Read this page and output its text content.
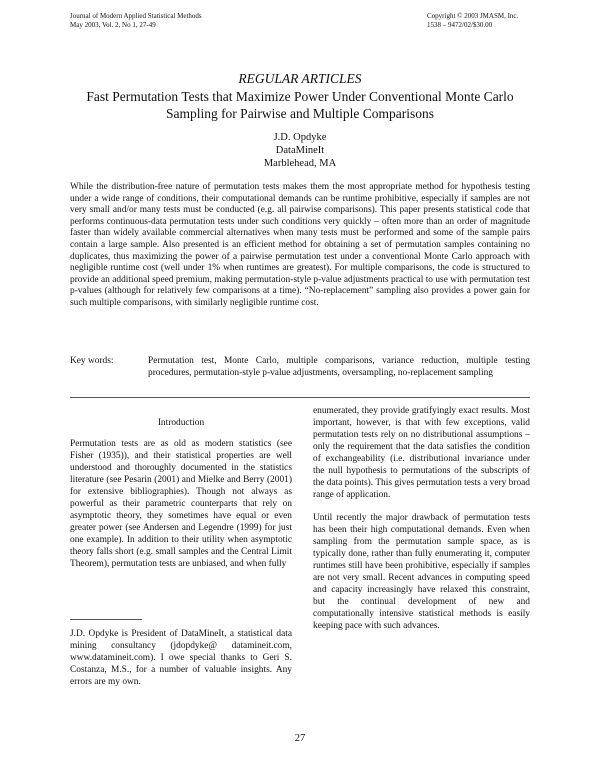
Journal of Modern Applied Statistical Methods
May 2003, Vol. 2, No 1, 27-49
Copyright © 2003 JMASM, Inc.
1538 – 9472/02/$30.00
REGULAR ARTICLES
Fast Permutation Tests that Maximize Power Under Conventional Monte Carlo
Sampling for Pairwise and Multiple Comparisons
J.D. Opdyke
DataMineIt
Marblehead, MA
While the distribution-free nature of permutation tests makes them the most appropriate method for hypothesis testing under a wide range of conditions, their computational demands can be runtime prohibitive, especially if samples are not very small and/or many tests must be conducted (e.g. all pairwise comparisons). This paper presents statistical code that performs continuous-data permutation tests under such conditions very quickly – often more than an order of magnitude faster than widely available commercial alternatives when many tests must be performed and some of the sample pairs contain a large sample. Also presented is an efficient method for obtaining a set of permutation samples containing no duplicates, thus maximizing the power of a pairwise permutation test under a conventional Monte Carlo approach with negligible runtime cost (well under 1% when runtimes are greatest). For multiple comparisons, the code is structured to provide an additional speed premium, making permutation-style p-value adjustments practical to use with permutation test p-values (although for relatively few comparisons at a time). “No-replacement” sampling also provides a power gain for such multiple comparisons, with similarly negligible runtime cost.
Key words:	Permutation test, Monte Carlo, multiple comparisons, variance reduction, multiple testing procedures, permutation-style p-value adjustments, oversampling, no-replacement sampling

Introduction

Permutation tests are as old as modern statistics (see Fisher (1935)), and their statistical properties are well understood and thoroughly documented in the statistics literature (see Pesarin (2001) and Mielke and Berry (2001) for extensive bibliographies). Though not always as powerful as their parametric counterparts that rely on asymptotic theory, they sometimes have equal or even greater power (see Andersen and Legendre (1999) for just one example). In addition to their utility when asymptotic theory falls short (e.g. small samples and the Central Limit Theorem), permutation tests are unbiased, and when fully

enumerated, they provide gratifyingly exact results. Most important, however, is that with few exceptions, valid permutation tests rely on no distributional assumptions – only the requirement that the data satisfies the condition of exchangeability (i.e. distributional invariance under the null hypothesis to permutations of the subscripts of the data points). This gives permutation tests a very broad range of application.

Until recently the major drawback of permutation tests has been their high computational demands. Even when sampling from the permutation sample space, as is typically done, rather than fully enumerating it, computer runtimes still have been prohibitive, especially if samples are not very small. Recent advances in computing speed and capacity increasingly have relaxed this constraint, but the continual development of new and computationally intensive statistical methods is easily keeping pace with such advances.

J.D. Opdyke is President of DataMineIt, a statistical data mining consultancy (jdopdyke@ datamineit.com, www.datamineit.com). I owe special thanks to Geri S. Costanza, M.S., for a number of valuable insights. Any errors are my own.
27
